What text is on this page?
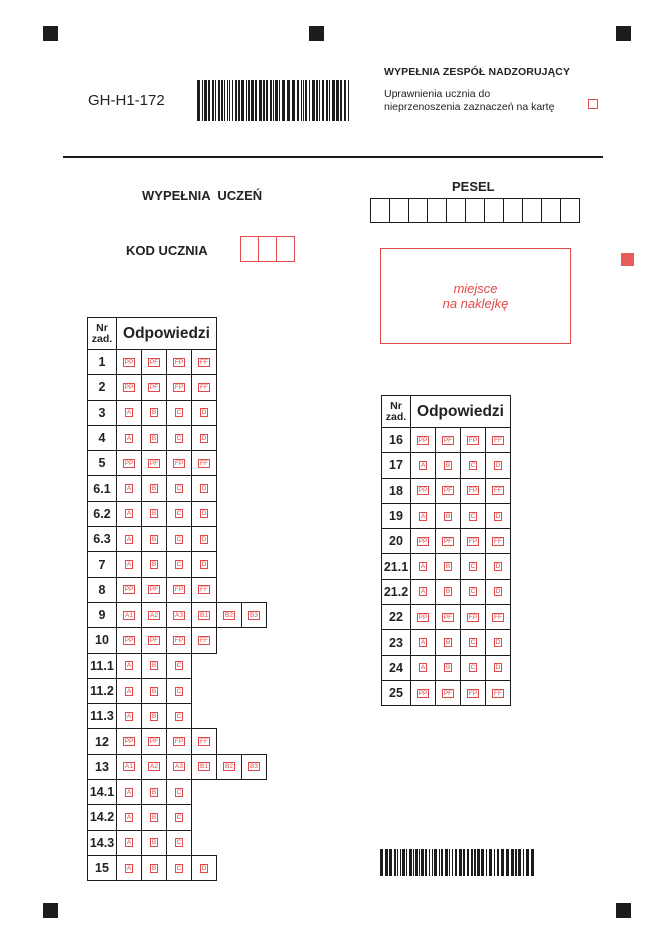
GH-H1-172
WYPEŁNIA ZESPÓŁ NADZORUJĄCY
Uprawnienia ucznia do
nieprzenoszenia zaznaczeń na kartę
WYPEŁNIA  UCZEŃ
PESEL
KOD UCZNIA
miejsce
na naklejkę
Nr
zad. Odpowiedzi
1	PP	PF	FP	FF
2	PP	PF	FP	FF
3	A	B	C	D
4	A	B	C	D
5	PP	PF	FP	FF
6.1	A	B	C	D
6.2	A	B	C	D
6.3	A	B	C	D
7	A	B	C	D
8	PP	PF	FP	FF
9	A1	A2	A3	B1	B2	B3
10	PP	PF	FP	FF
11.1	A	B	C
11.2	A	B	C
11.3	A	B	C
12	PP	PF	FP	FF
13	A1	A2	A3	B1	B2	B3
14.1	A	B	C
14.2	A	B	C
14.3	A	B	C
15	A	B	C	D
Nr
zad. Odpowiedzi
16	PP	PF	FP	FF
17	A	B	C	D
18	PP	PF	FP	FF
19	A	B	C	D
20	PP	PF	FP	FF
21.1	A	B	C	D
21.2	A	B	C	D
22	PP	PF	FP	FF
23	A	B	C	D
24	A	B	C	D
25	PP	PF	FP	FF
